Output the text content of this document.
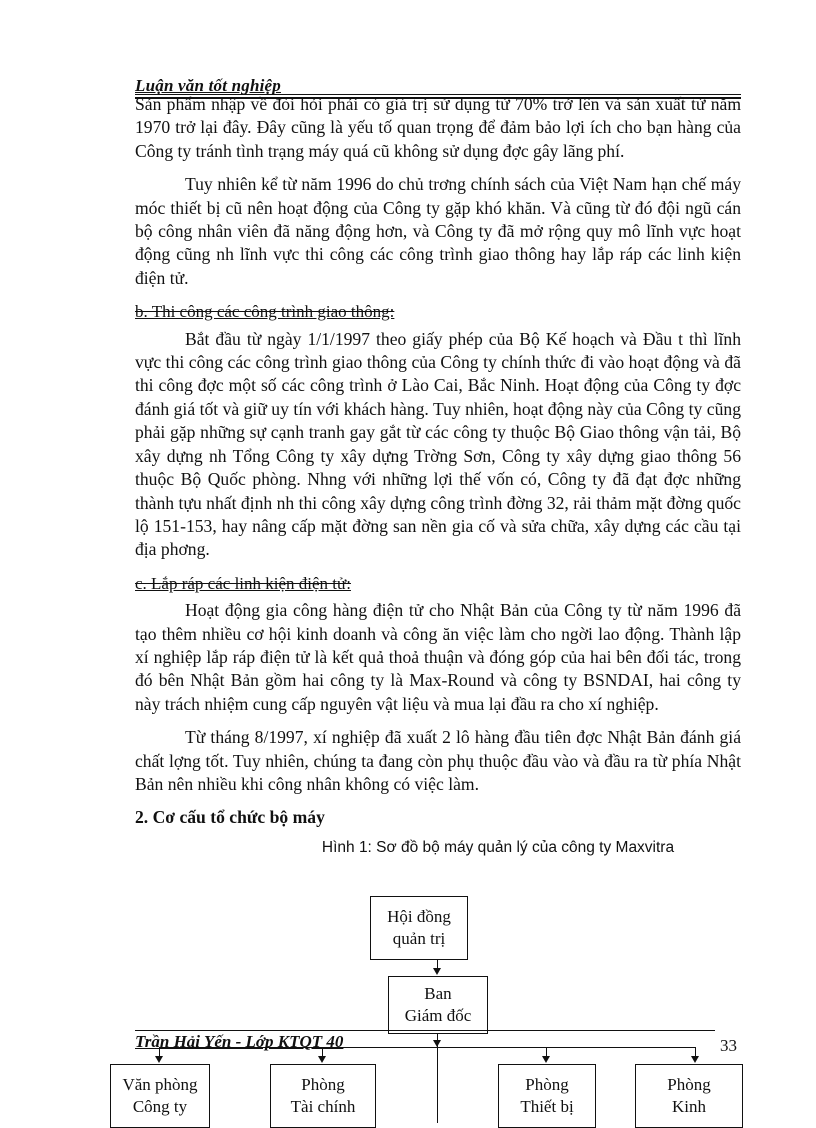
Luận văn tốt nghiệp

Sản phẩm nhập về đòi hỏi phải có giá trị sử dụng từ 70% trở lên và sản xuất từ năm 1970 trở lại đây. Đây cũng là yếu tố quan trọng để đảm bảo lợi ích cho bạn hàng của Công ty tránh tình trạng máy quá cũ không sử dụng đợc gây lãng phí.

Tuy nhiên kể từ năm 1996 do chủ trơng chính sách của Việt Nam hạn chế máy móc thiết bị cũ nên hoạt động của Công ty gặp khó khăn. Và cũng từ đó đội ngũ cán bộ công nhân viên đã năng động hơn, và Công ty đã mở rộng quy mô lĩnh vực hoạt động cũng nh lĩnh vực thi công các công trình giao thông hay lắp ráp các linh kiện điện tử.

b. Thi công các công trình giao thông:

Bắt đầu từ ngày 1/1/1997 theo giấy phép của Bộ Kế hoạch và Đầu t thì lĩnh vực thi công các công trình giao thông của Công ty chính thức đi vào hoạt động và đã thi công đợc một số các công trình ở Lào Cai, Bắc Ninh. Hoạt động của Công ty đợc đánh giá tốt và giữ uy tín với khách hàng. Tuy nhiên, hoạt động này của Công ty cũng phải gặp những sự cạnh tranh gay gắt từ các công ty thuộc Bộ Giao thông vận tải, Bộ xây dựng nh Tổng Công ty xây dựng Trờng Sơn, Công ty xây dựng giao thông 56 thuộc Bộ Quốc phòng. Nhng với những lợi thế vốn có, Công ty đã đạt đợc những thành tựu nhất định nh thi công xây dựng công trình đờng 32, rải thảm mặt đờng quốc lộ 151-153, hay nâng cấp mặt đờng san nền gia cố và sửa chữa, xây dựng các cầu tại địa phơng.

c. Lắp ráp các linh kiện điện tử:

Hoạt động gia công hàng điện tử cho Nhật Bản của Công ty từ năm 1996 đã tạo thêm nhiều cơ hội kinh doanh và công ăn việc làm cho ngời lao động. Thành lập xí nghiệp lắp ráp điện tử là kết quả thoả thuận và đóng góp của hai bên đối tác, trong đó bên Nhật Bản gồm hai công ty là Max-Round và công ty BSNDAI, hai công ty này trách nhiệm cung cấp nguyên vật liệu và mua lại đầu ra cho xí nghiệp.

Từ tháng 8/1997, xí nghiệp đã xuất 2 lô hàng đầu tiên đợc Nhật Bản đánh giá chất lợng tốt. Tuy nhiên, chúng ta đang còn phụ thuộc đầu vào và đầu ra từ phía Nhật Bản nên nhiều khi công nhân không có việc làm.

2. Cơ cấu tổ chức bộ máy

Hình 1: Sơ đồ bộ máy quản lý của công ty Maxvitra

Hội đồng
quản trị
Ban
Giám đốc
Văn phòng
Công ty
Phòng
Tài chính
Phòng
Thiết bị
Phòng
Kinh
Trần Hải Yến - Lớp KTQT 40	33
